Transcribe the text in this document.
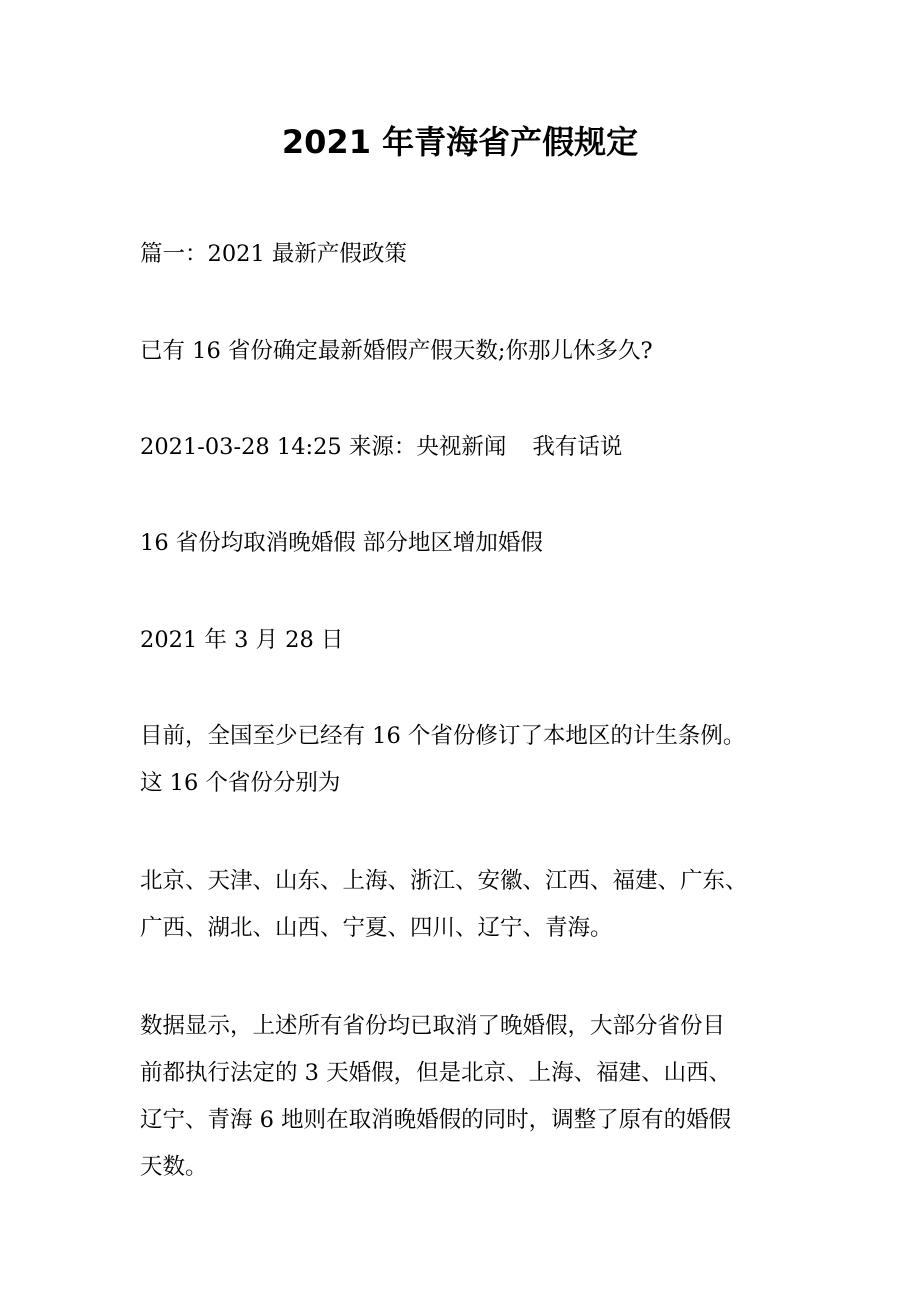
2021 年青海省产假规定

篇一：2021 最新产假政策

已有 16 省份确定最新婚假产假天数;你那儿休多久?

2021-03-28 14:25 来源：央视新闻 我有话说

16 省份均取消晚婚假 部分地区增加婚假

2021 年 3 月 28 日

目前，全国至少已经有 16 个省份修订了本地区的计生条例。
这 16 个省份分别为

北京、天津、山东、上海、浙江、安徽、江西、福建、广东、
广西、湖北、山西、宁夏、四川、辽宁、青海。

数据显示，上述所有省份均已取消了晚婚假，大部分省份目
前都执行法定的 3 天婚假，但是北京、上海、福建、山西、
辽宁、青海 6 地则在取消晚婚假的同时，调整了原有的婚假
天数。
